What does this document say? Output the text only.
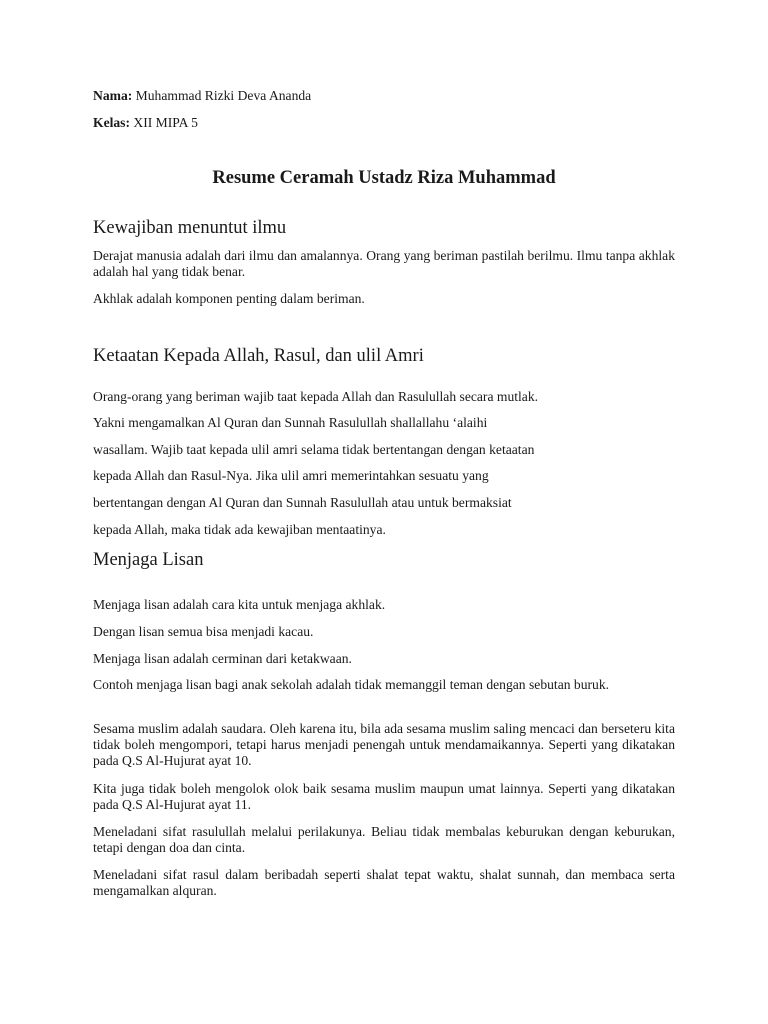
Nama: Muhammad Rizki Deva Ananda
Kelas: XII MIPA 5
Resume Ceramah Ustadz Riza Muhammad
Kewajiban menuntut ilmu
Derajat manusia adalah dari ilmu dan amalannya. Orang yang beriman pastilah berilmu. Ilmu tanpa akhlak adalah hal yang tidak benar.
Akhlak adalah komponen penting dalam beriman.
Ketaatan Kepada Allah, Rasul, dan ulil Amri
Orang-orang yang beriman wajib taat kepada Allah dan Rasulullah secara mutlak.
Yakni mengamalkan Al Quran dan Sunnah Rasulullah shallallahu ‘alaihi
wasallam. Wajib taat kepada ulil amri selama tidak bertentangan dengan ketaatan
kepada Allah dan Rasul-Nya. Jika ulil amri memerintahkan sesuatu yang
bertentangan dengan Al Quran dan Sunnah Rasulullah atau untuk bermaksiat
kepada Allah, maka tidak ada kewajiban mentaatinya.
Menjaga Lisan
Menjaga lisan adalah cara kita untuk menjaga akhlak.
Dengan lisan semua bisa menjadi kacau.
Menjaga lisan adalah cerminan dari ketakwaan.
Contoh menjaga lisan bagi anak sekolah adalah tidak memanggil teman dengan sebutan buruk.
Sesama muslim adalah saudara. Oleh karena itu, bila ada sesama muslim saling mencaci dan berseteru kita tidak boleh mengompori, tetapi harus menjadi penengah untuk mendamaikannya. Seperti yang dikatakan pada Q.S Al-Hujurat ayat 10.
Kita juga tidak boleh mengolok olok baik sesama muslim maupun umat lainnya. Seperti yang dikatakan pada Q.S Al-Hujurat ayat 11.
Meneladani sifat rasulullah melalui perilakunya. Beliau tidak membalas keburukan dengan keburukan, tetapi dengan doa dan cinta.
Meneladani sifat rasul dalam beribadah seperti shalat tepat waktu, shalat sunnah, dan membaca serta mengamalkan alquran.
